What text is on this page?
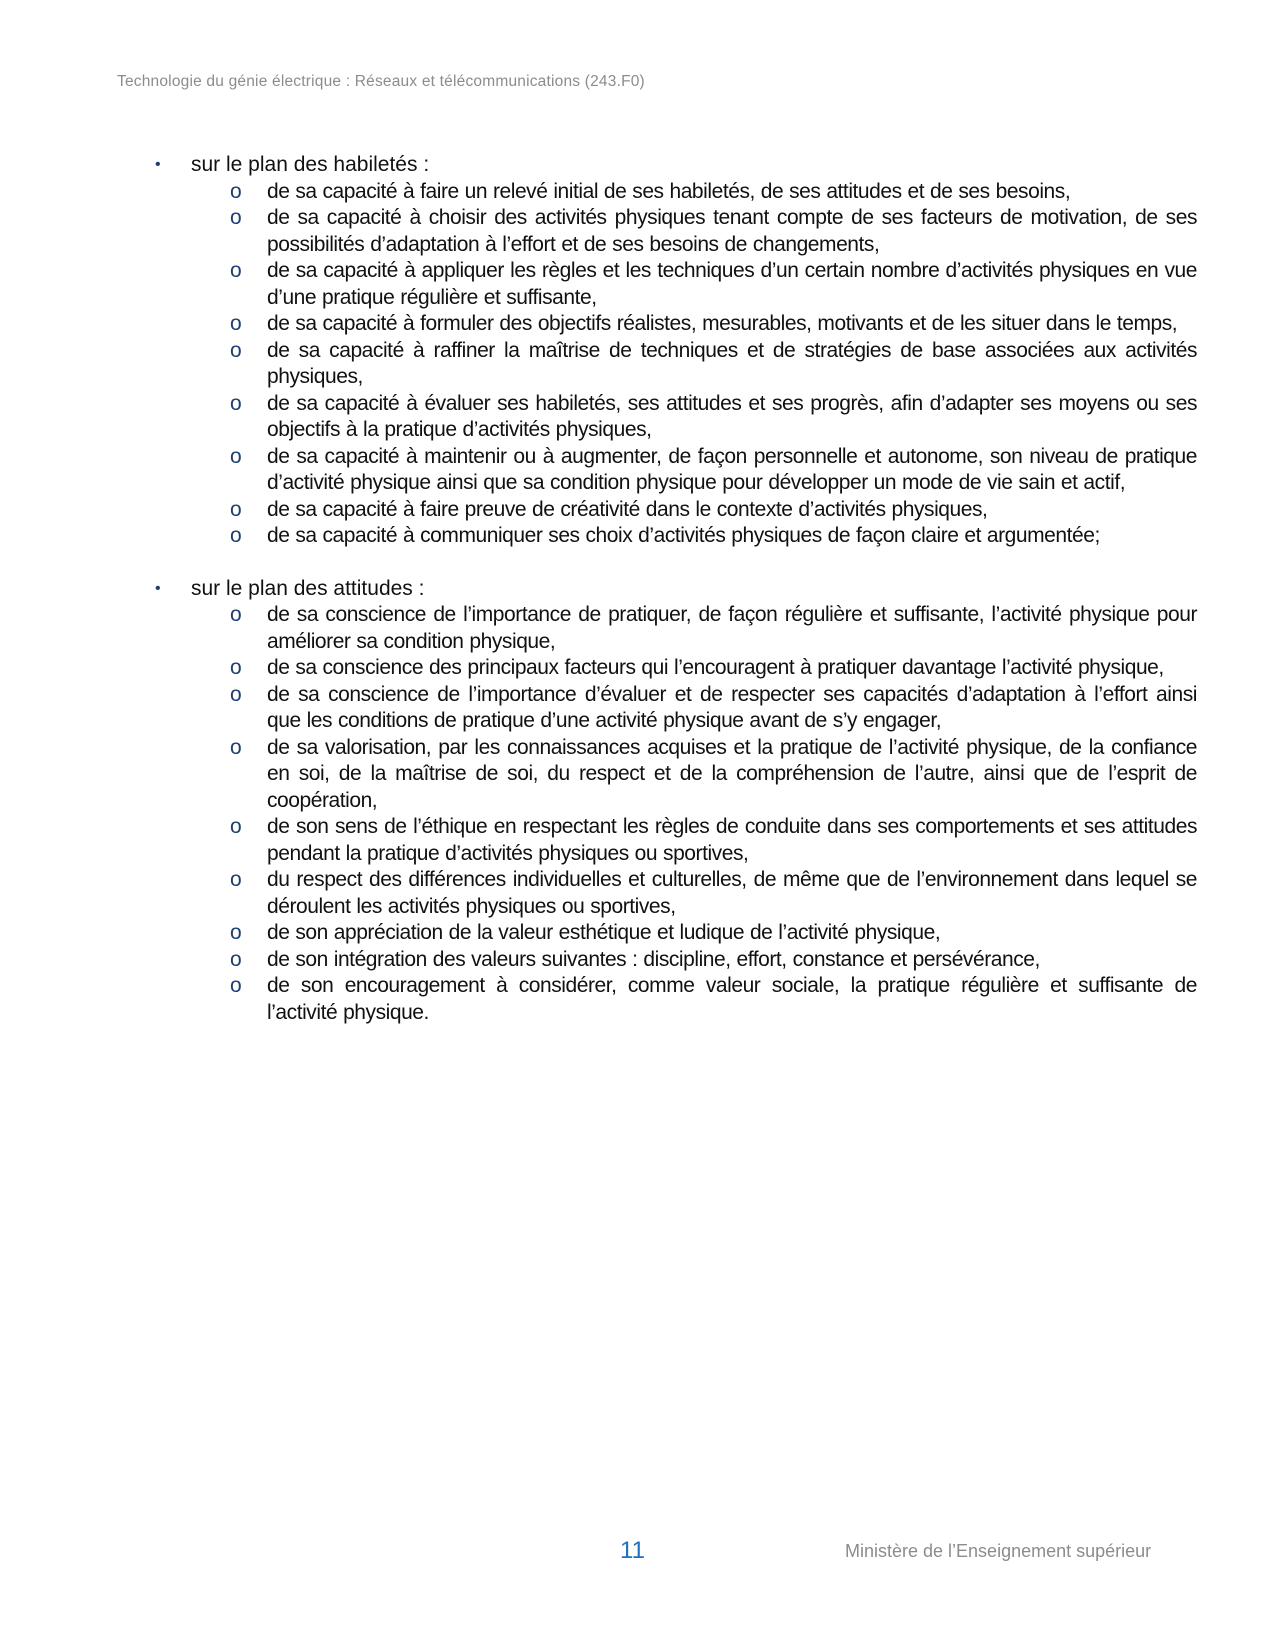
Technologie du génie électrique : Réseaux et télécommunications (243.F0)
• sur le plan des habiletés :
o de sa capacité à faire un relevé initial de ses habiletés, de ses attitudes et de ses besoins,
o de sa capacité à choisir des activités physiques tenant compte de ses facteurs de motivation, de ses possibilités d’adaptation à l’effort et de ses besoins de changements,
o de sa capacité à appliquer les règles et les techniques d’un certain nombre d’activités physiques en vue d’une pratique régulière et suffisante,
o de sa capacité à formuler des objectifs réalistes, mesurables, motivants et de les situer dans le temps,
o de sa capacité à raffiner la maîtrise de techniques et de stratégies de base associées aux activités physiques,
o de sa capacité à évaluer ses habiletés, ses attitudes et ses progrès, afin d’adapter ses moyens ou ses objectifs à la pratique d’activités physiques,
o de sa capacité à maintenir ou à augmenter, de façon personnelle et autonome, son niveau de pratique d’activité physique ainsi que sa condition physique pour développer un mode de vie sain et actif,
o de sa capacité à faire preuve de créativité dans le contexte d’activités physiques,
o de sa capacité à communiquer ses choix d’activités physiques de façon claire et argumentée;
• sur le plan des attitudes :
o de sa conscience de l’importance de pratiquer, de façon régulière et suffisante, l’activité physique pour améliorer sa condition physique,
o de sa conscience des principaux facteurs qui l’encouragent à pratiquer davantage l’activité physique,
o de sa conscience de l’importance d’évaluer et de respecter ses capacités d’adaptation à l’effort ainsi que les conditions de pratique d’une activité physique avant de s’y engager,
o de sa valorisation, par les connaissances acquises et la pratique de l’activité physique, de la confiance en soi, de la maîtrise de soi, du respect et de la compréhension de l’autre, ainsi que de l’esprit de coopération,
o de son sens de l’éthique en respectant les règles de conduite dans ses comportements et ses attitudes pendant la pratique d’activités physiques ou sportives,
o du respect des différences individuelles et culturelles, de même que de l’environnement dans lequel se déroulent les activités physiques ou sportives,
o de son appréciation de la valeur esthétique et ludique de l’activité physique,
o de son intégration des valeurs suivantes : discipline, effort, constance et persévérance,
o de son encouragement à considérer, comme valeur sociale, la pratique régulière et suffisante de l’activité physique.
11	Ministère de l’Enseignement supérieur
